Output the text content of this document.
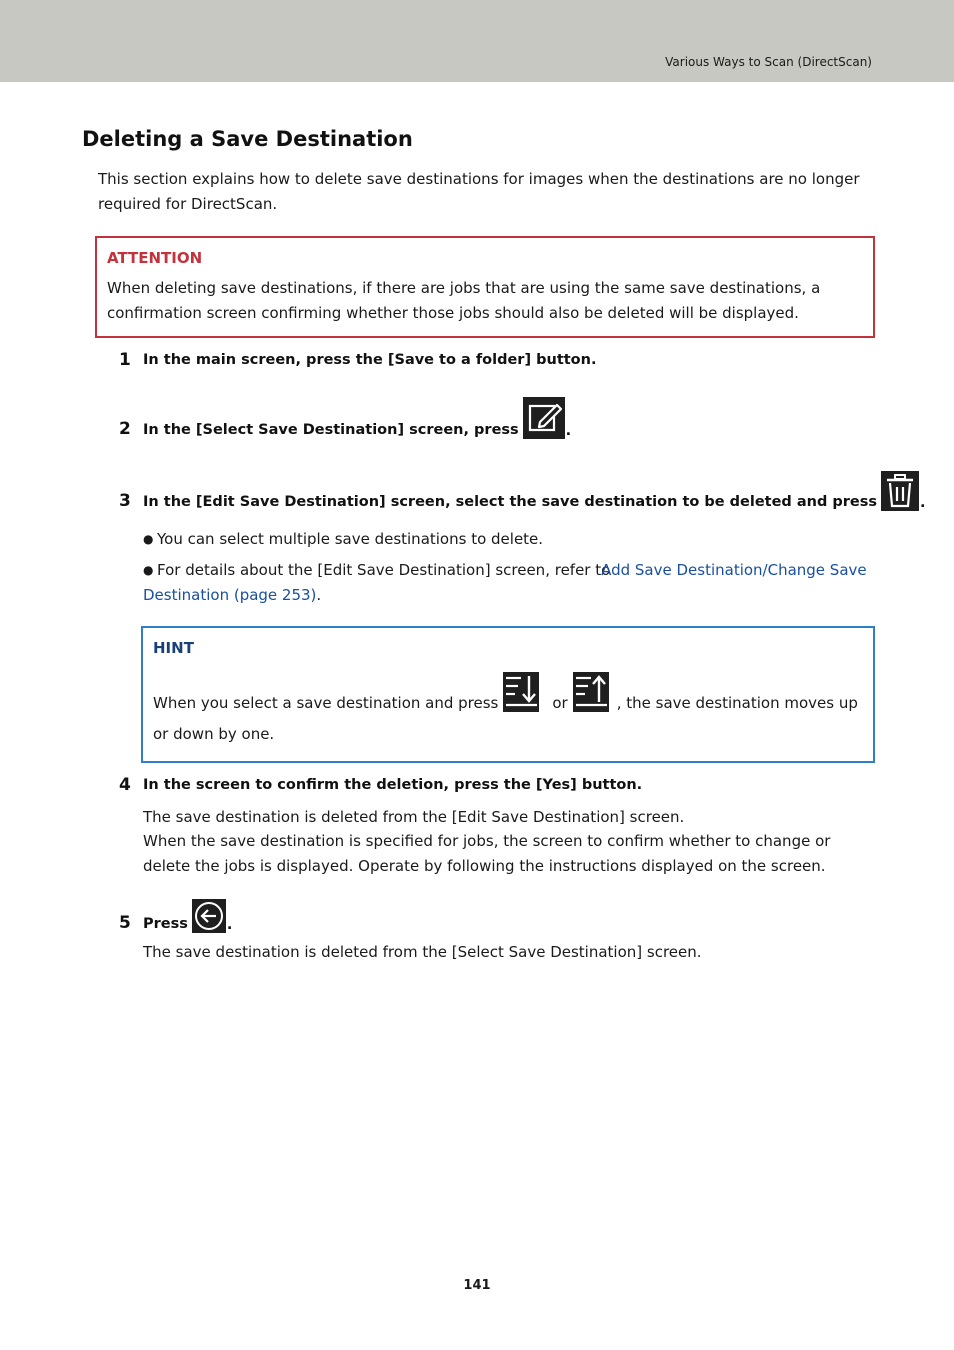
Various Ways to Scan (DirectScan)
Deleting a Save Destination

This section explains how to delete save destinations for images when the destinations are no longer required for DirectScan.

ATTENTION

When deleting save destinations, if there are jobs that are using the same save destinations, a confirmation screen confirming whether those jobs should also be deleted will be displayed.

1 In the main screen, press the [Save to a folder] button.
2 In the [Select Save Destination] screen, press	.
3 In the [Edit Save Destination] screen, select the save destination to be deleted and press	.
● You can select multiple save destinations to delete.
● For details about the [Edit Save Destination] screen, refer to Add Save Destination/Change Save Destination (page 253).
HINT
When you select a save destination and press	or	, the save destination moves up
or down by one.
4 In the screen to confirm the deletion, press the [Yes] button.

The save destination is deleted from the [Edit Save Destination] screen.

When the save destination is specified for jobs, the screen to confirm whether to change or delete the jobs is displayed. Operate by following the instructions displayed on the screen.

5 Press	.

The save destination is deleted from the [Select Save Destination] screen.

141
